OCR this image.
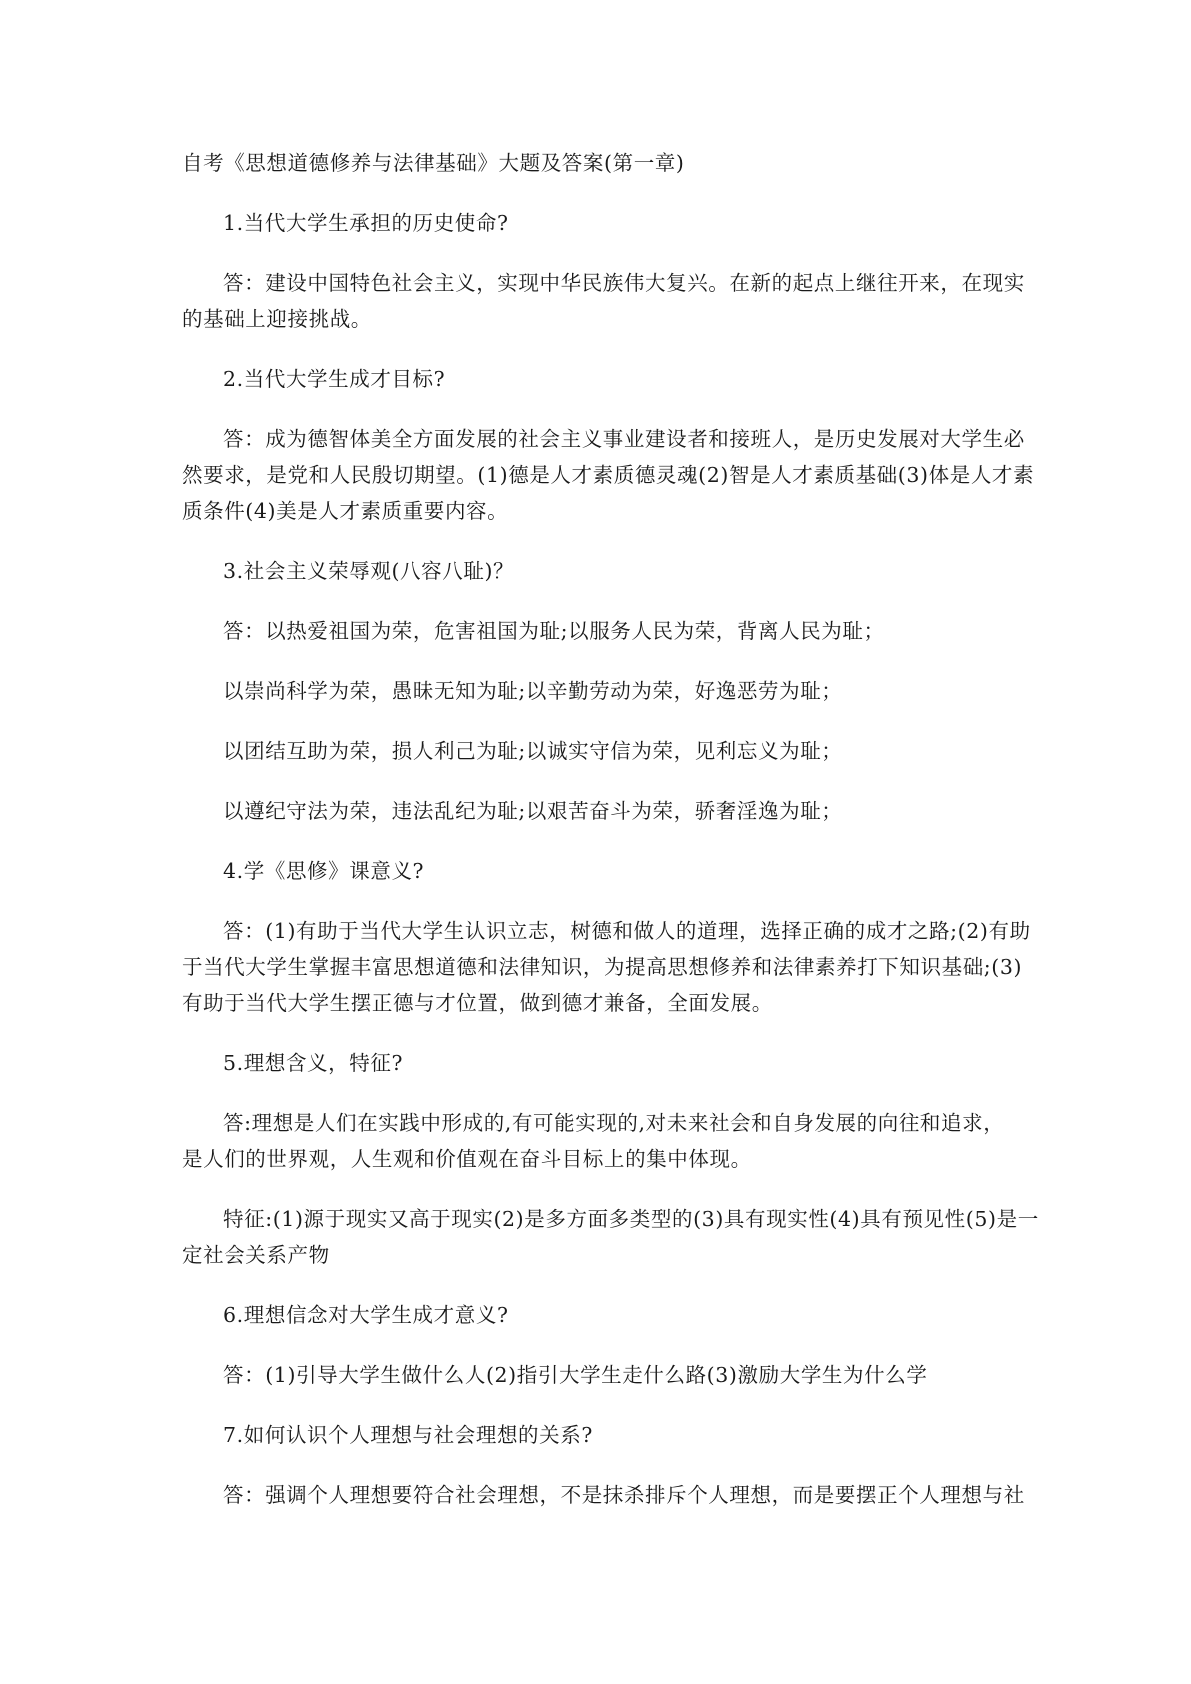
自考《思想道德修养与法律基础》大题及答案(第一章)
1.当代大学生承担的历史使命?
答：建设中国特色社会主义，实现中华民族伟大复兴。在新的起点上继往开来，在现实
的基础上迎接挑战。
2.当代大学生成才目标?
答：成为德智体美全方面发展的社会主义事业建设者和接班人，是历史发展对大学生必
然要求，是党和人民殷切期望。(1)德是人才素质德灵魂(2)智是人才素质基础(3)体是人才素
质条件(4)美是人才素质重要内容。
3.社会主义荣辱观(八容八耻)？
答：以热爱祖国为荣，危害祖国为耻;以服务人民为荣，背离人民为耻；
以崇尚科学为荣，愚昧无知为耻;以辛勤劳动为荣，好逸恶劳为耻；
以团结互助为荣，损人利己为耻;以诚实守信为荣，见利忘义为耻；
以遵纪守法为荣，违法乱纪为耻;以艰苦奋斗为荣，骄奢淫逸为耻；
4.学《思修》课意义?
答：(1)有助于当代大学生认识立志，树德和做人的道理，选择正确的成才之路;(2)有助
于当代大学生掌握丰富思想道德和法律知识，为提高思想修养和法律素养打下知识基础;(3)
有助于当代大学生摆正德与才位置，做到德才兼备，全面发展。
5.理想含义，特征?
答:理想是人们在实践中形成的,有可能实现的,对未来社会和自身发展的向往和追求，
是人们的世界观，人生观和价值观在奋斗目标上的集中体现。
特征:(1)源于现实又高于现实(2)是多方面多类型的(3)具有现实性(4)具有预见性(5)是一
定社会关系产物
6.理想信念对大学生成才意义?
答：(1)引导大学生做什么人(2)指引大学生走什么路(3)激励大学生为什么学
7.如何认识个人理想与社会理想的关系?
答：强调个人理想要符合社会理想，不是抹杀排斥个人理想，而是要摆正个人理想与社
